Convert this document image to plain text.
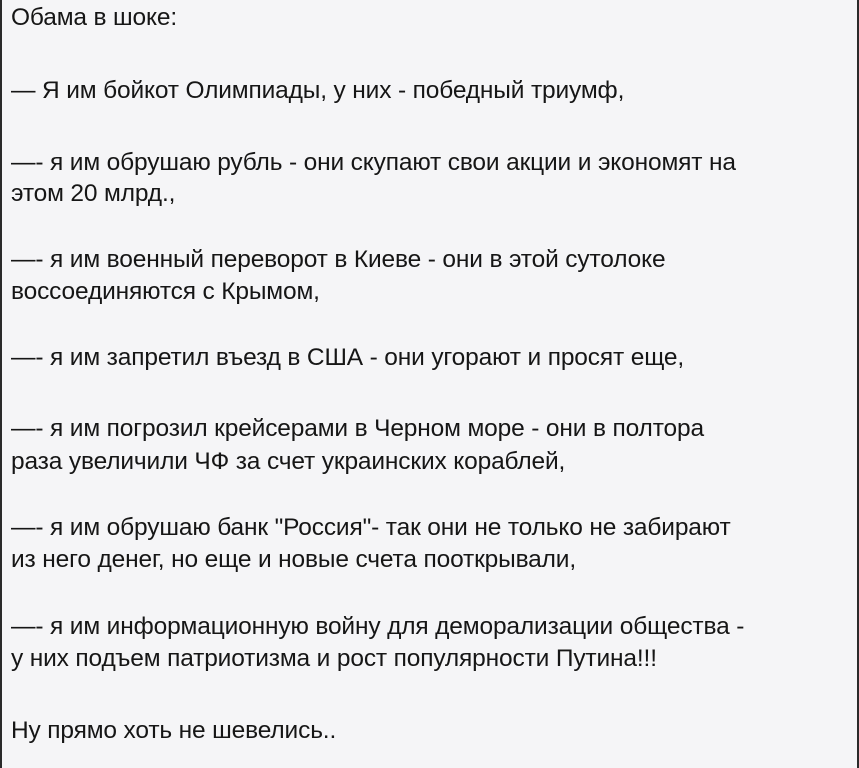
Обама в шоке:
— Я им бойкот Олимпиады, у них - победный триумф,
—- я им обрушаю рубль - они скупают свои акции и экономят на
этом 20 млрд.,
—- я им военный переворот в Киеве - они в этой сутолоке
воссоединяются с Крымом,
—- я им запретил въезд в США - они угорают и просят еще,
—- я им погрозил крейсерами в Черном море - они в полтора
раза увеличили ЧФ за счет украинских кораблей,
—- я им обрушаю банк "Россия"- так они не только не забирают
из него денег, но еще и новые счета пооткрывали,
—- я им информационную войну для деморализации общества -
у них подъем патриотизма и рост популярности Путина!!!
Ну прямо хоть не шевелись..
